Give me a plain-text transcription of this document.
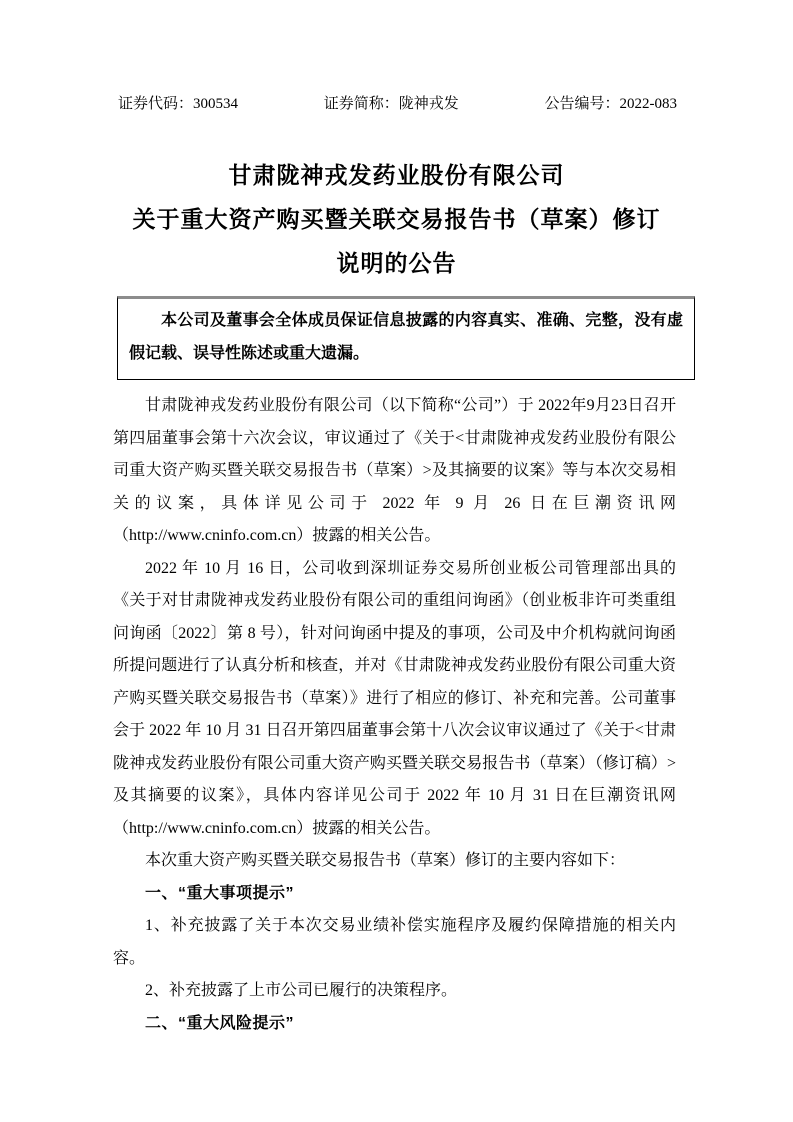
证券代码：300534	证券简称：陇神戎发	公告编号：2022-083
甘肃陇神戎发药业股份有限公司
关于重大资产购买暨关联交易报告书（草案）修订
说明的公告

本公司及董事会全体成员保证信息披露的内容真实、准确、完整，没有虚假记载、误导性陈述或重大遗漏。

甘肃陇神戎发药业股份有限公司（以下简称“公司”）于 2022年9月23日召开第四届董事会第十六次会议，审议通过了《关于<甘肃陇神戎发药业股份有限公司重大资产购买暨关联交易报告书（草案）>及其摘要的议案》等与本次交易相关的议案，具体详见公司于 2022 年 9 月 26 日在巨潮资讯网（http://www.cninfo.com.cn）披露的相关公告。

2022 年 10 月 16 日，公司收到深圳证券交易所创业板公司管理部出具的《关于对甘肃陇神戎发药业股份有限公司的重组问询函》（创业板非许可类重组问询函〔2022〕第 8 号），针对问询函中提及的事项，公司及中介机构就问询函所提问题进行了认真分析和核查，并对《甘肃陇神戎发药业股份有限公司重大资产购买暨关联交易报告书（草案）》进行了相应的修订、补充和完善。公司董事会于 2022 年 10 月 31 日召开第四届董事会第十八次会议审议通过了《关于<甘肃陇神戎发药业股份有限公司重大资产购买暨关联交易报告书（草案）（修订稿）>及其摘要的议案》，具体内容详见公司于 2022 年 10 月 31 日在巨潮资讯网（http://www.cninfo.com.cn）披露的相关公告。

本次重大资产购买暨关联交易报告书（草案）修订的主要内容如下：

一、“重大事项提示”

1、补充披露了关于本次交易业绩补偿实施程序及履约保障措施的相关内容。

2、补充披露了上市公司已履行的决策程序。

二、“重大风险提示”
